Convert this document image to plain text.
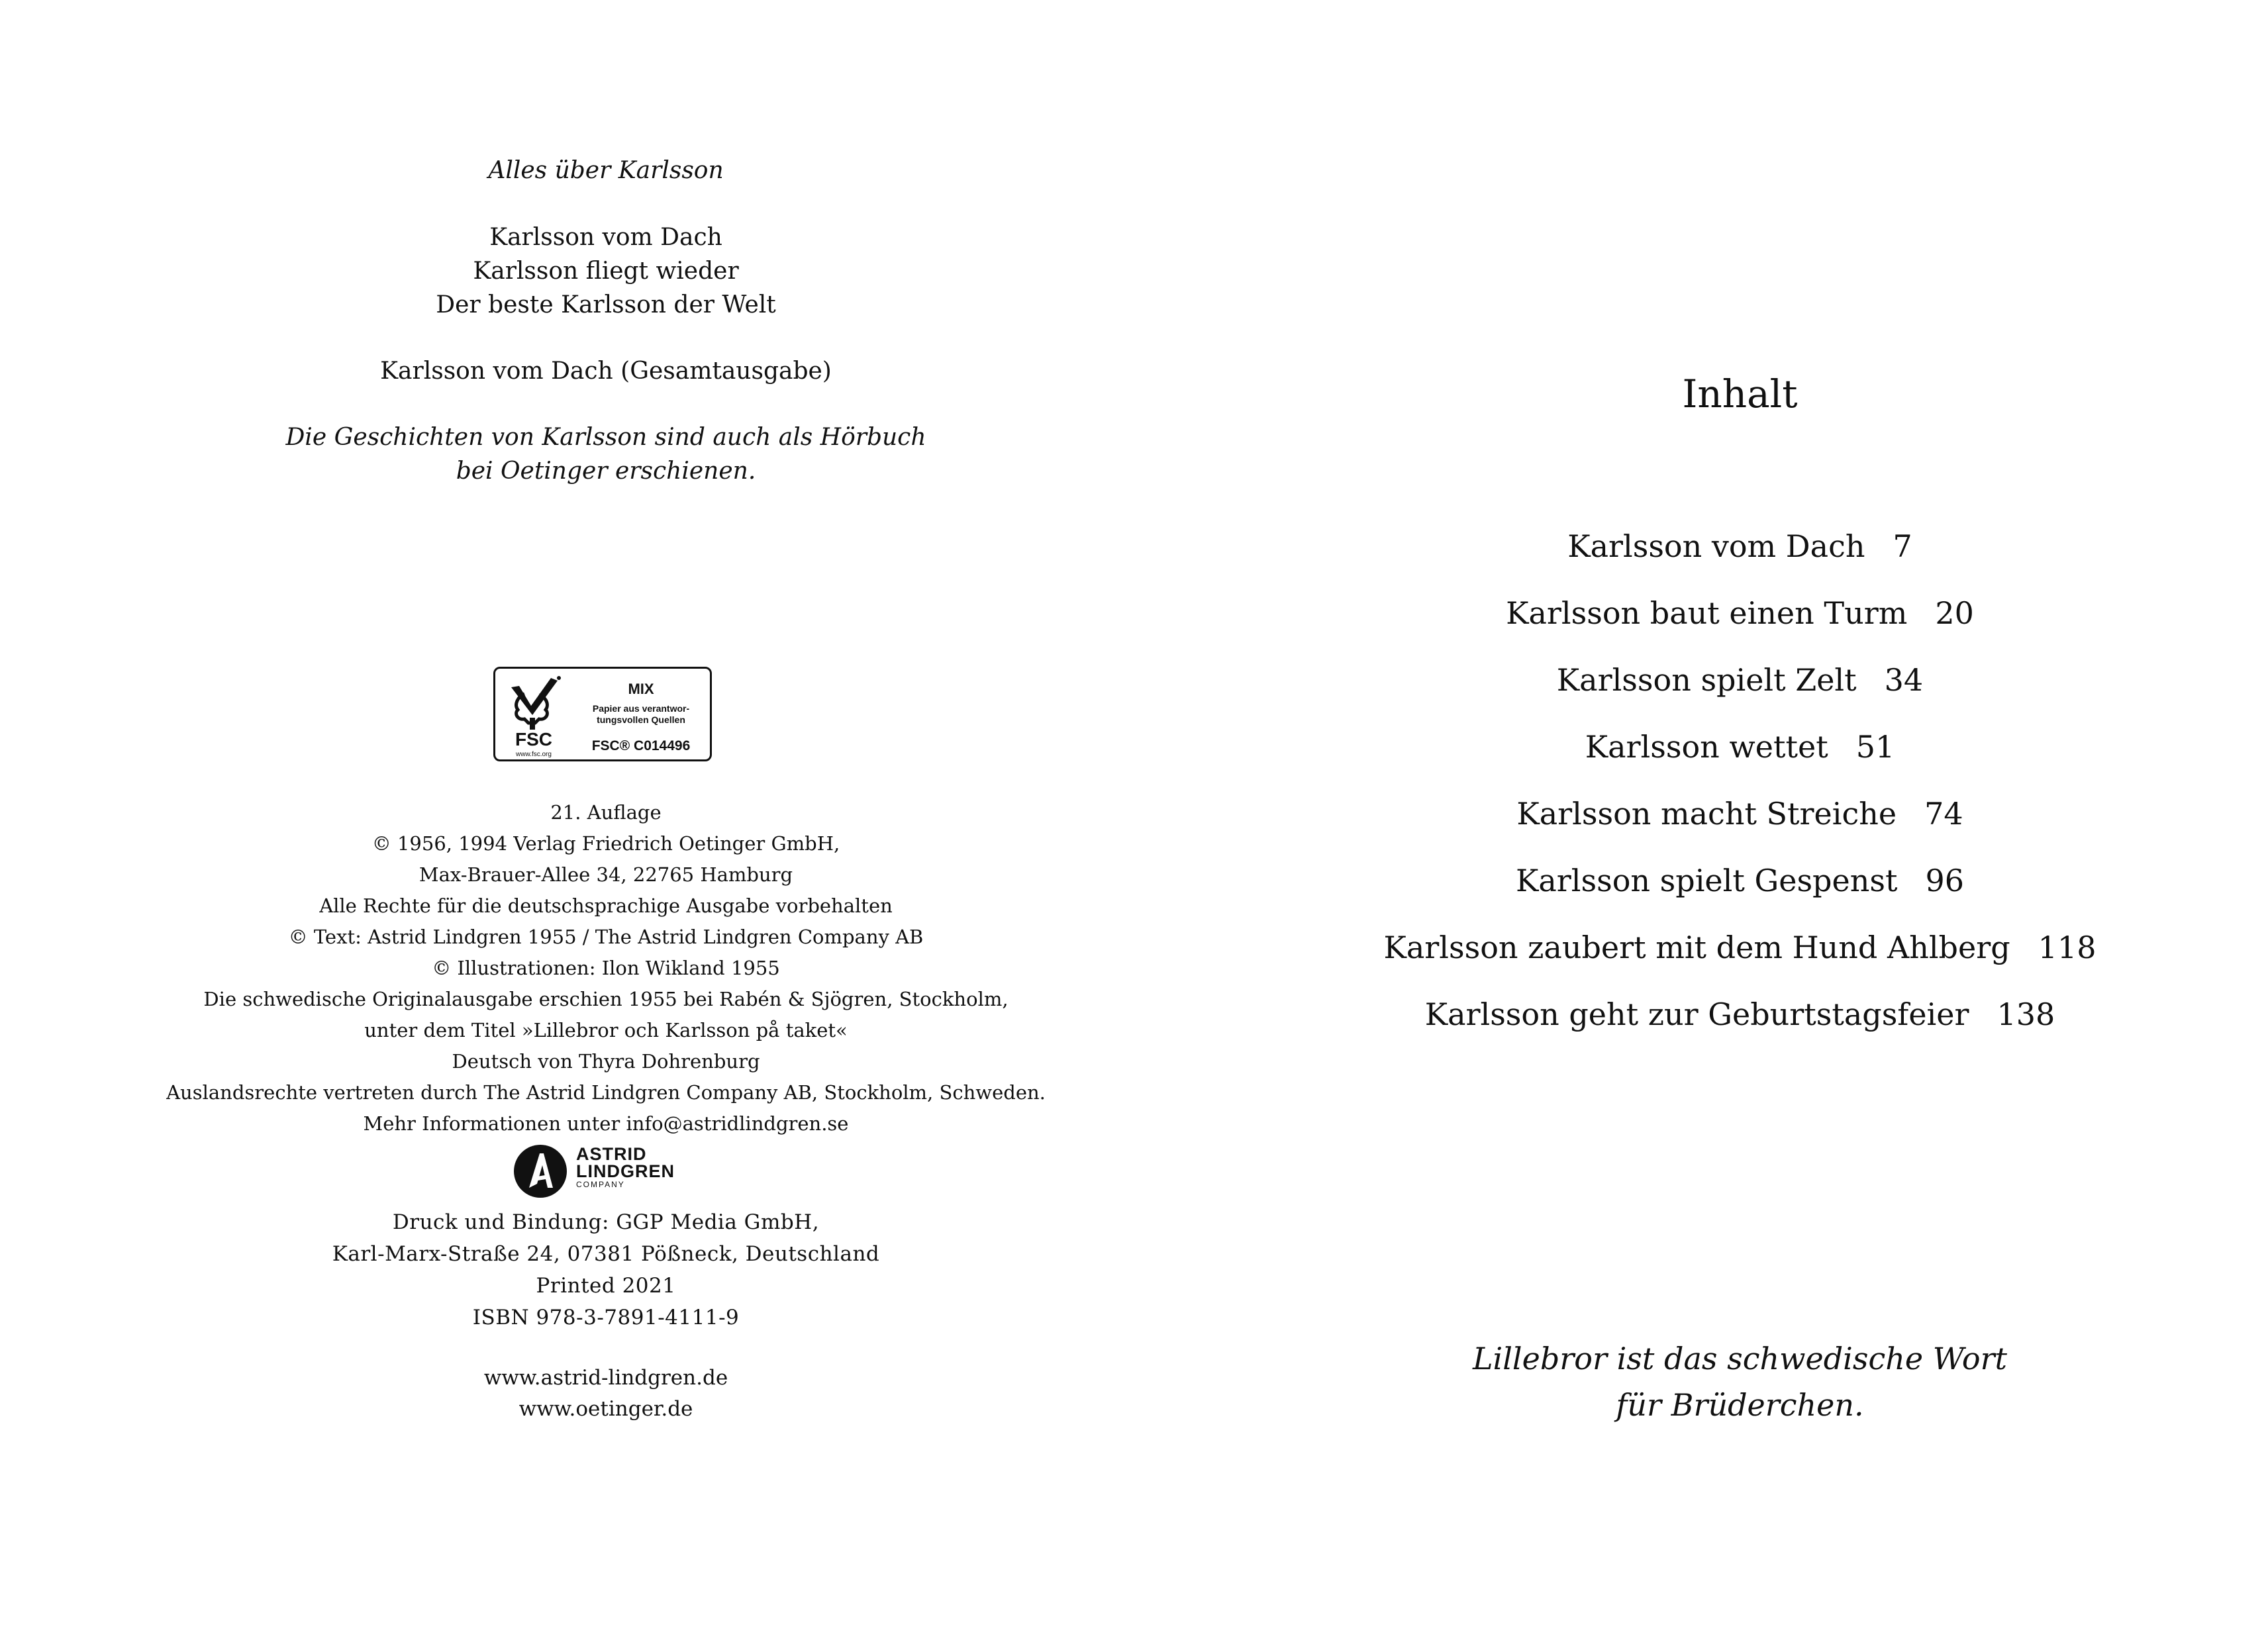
Alles über Karlsson
Karlsson vom Dach
Karlsson fliegt wieder
Der beste Karlsson der Welt
Karlsson vom Dach (Gesamtausgabe)
Die Geschichten von Karlsson sind auch als Hörbuch
bei Oetinger erschienen.
FSC
www.fsc.org
MIX
Papier aus verantwor-
tungsvollen Quellen
FSC® C014496
21. Auflage
© 1956, 1994 Verlag Friedrich Oetinger GmbH,
Max-Brauer-Allee 34, 22765 Hamburg
Alle Rechte für die deutschsprachige Ausgabe vorbehalten
© Text: Astrid Lindgren 1955 / The Astrid Lindgren Company AB
© Illustrationen: Ilon Wikland 1955
Die schwedische Originalausgabe erschien 1955 bei Rabén & Sjögren, Stockholm,
unter dem Titel »Lillebror och Karlsson på taket«
Deutsch von Thyra Dohrenburg
Auslandsrechte vertreten durch The Astrid Lindgren Company AB, Stockholm, Schweden.
Mehr Informationen unter info@astridlindgren.se
ASTRID
LINDGREN
COMPANY
Druck und Bindung: GGP Media GmbH,
Karl-Marx-Straße 24, 07381 Pößneck, Deutschland
Printed 2021
ISBN 978-3-7891-4111-9
www.astrid-lindgren.de
www.oetinger.de
Inhalt
Karlsson vom Dach 7
Karlsson baut einen Turm 20
Karlsson spielt Zelt 34
Karlsson wettet 51
Karlsson macht Streiche 74
Karlsson spielt Gespenst 96
Karlsson zaubert mit dem Hund Ahlberg 118
Karlsson geht zur Geburtstagsfeier 138
Lillebror ist das schwedische Wort
für Brüderchen.
